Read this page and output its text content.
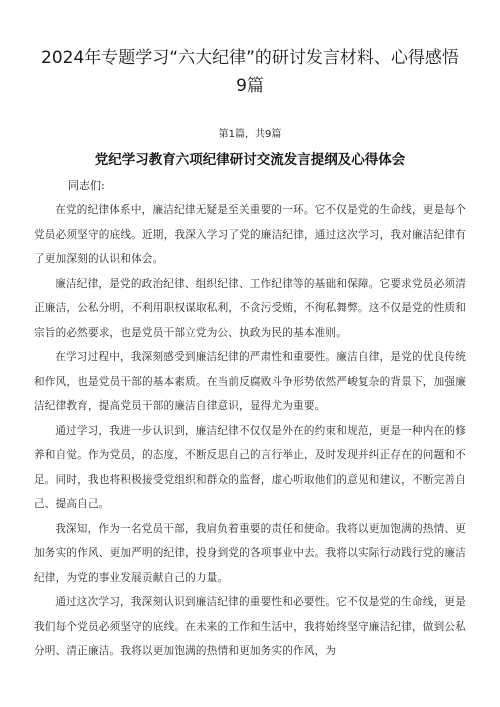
2024年专题学习“六大纪律”的研讨发言材料、心得感悟9篇
第1篇，共9篇
党纪学习教育六项纪律研讨交流发言提纲及心得体会
同志们:

在党的纪律体系中，廉洁纪律无疑是至关重要的一环。它不仅是党的生命线，更是每个党员必须坚守的底线。近期，我深入学习了党的廉洁纪律，通过这次学习，我对廉洁纪律有了更加深刻的认识和体会。

廉洁纪律，是党的政治纪律、组织纪律、工作纪律等的基础和保障。它要求党员必须清正廉洁，公私分明，不利用职权谋取私利，不贪污受贿，不徇私舞弊。这不仅是党的性质和宗旨的必然要求，也是党员干部立党为公、执政为民的基本准则。

在学习过程中，我深刻感受到廉洁纪律的严肃性和重要性。廉洁自律，是党的优良传统和作风，也是党员干部的基本素质。在当前反腐败斗争形势依然严峻复杂的背景下，加强廉洁纪律教育，提高党员干部的廉洁自律意识，显得尤为重要。

通过学习，我进一步认识到，廉洁纪律不仅仅是外在的约束和规范，更是一种内在的修养和自觉。作为党员，的态度，不断反思自己的言行举止，及时发现并纠正存在的问题和不足。同时，我也将积极接受党组织和群众的监督，虚心听取他们的意见和建议，不断完善自己、提高自己。

我深知，作为一名党员干部，我肩负着重要的责任和使命。我将以更加饱满的热情、更加务实的作风、更加严明的纪律，投身到党的各项事业中去。我将以实际行动践行党的廉洁纪律，为党的事业发展贡献自己的力量。

通过这次学习，我深刻认识到廉洁纪律的重要性和必要性。它不仅是党的生命线，更是我们每个党员必须坚守的底线。在未来的工作和生活中，我将始终坚守廉洁纪律，做到公私分明、清正廉洁。我将以更加饱满的热情和更加务实的作风，为
